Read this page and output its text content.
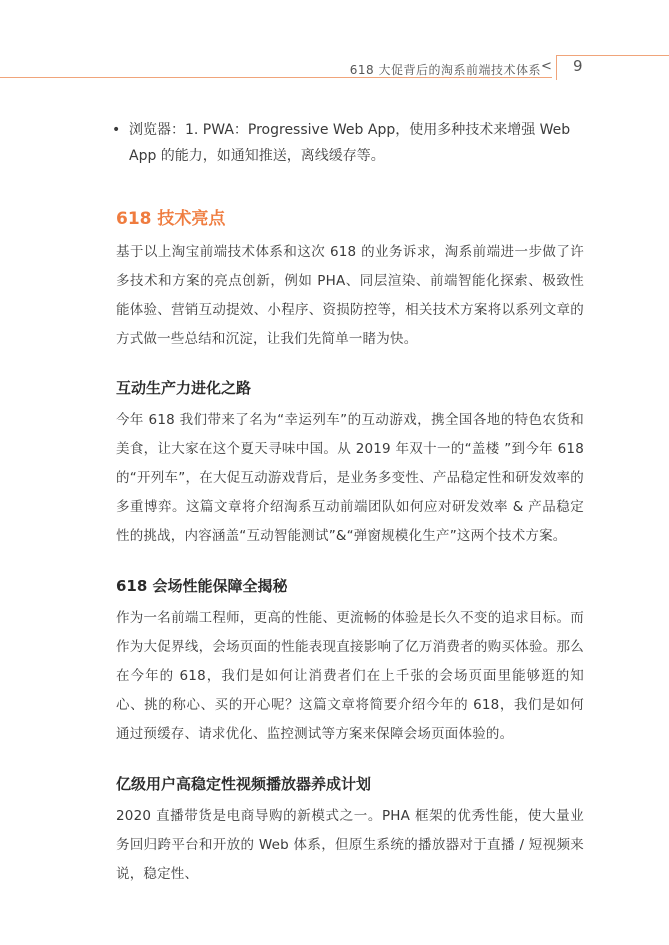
618 大促背后的淘系前端技术体系 < 9
• 浏览器：1. PWA：Progressive Web App，使用多种技术来增强 Web App 的能力，如通知推送，离线缓存等。
618 技术亮点
基于以上淘宝前端技术体系和这次 618 的业务诉求，淘系前端进一步做了许多技术和方案的亮点创新，例如 PHA、同层渲染、前端智能化探索、极致性能体验、营销互动提效、小程序、资损防控等，相关技术方案将以系列文章的方式做一些总结和沉淀，让我们先简单一睹为快。
互动生产力进化之路
今年 618 我们带来了名为“幸运列车”的互动游戏，携全国各地的特色农货和美食，让大家在这个夏天寻味中国。从 2019 年双十一的“盖楼 ”到今年 618 的“开列车”，在大促互动游戏背后，是业务多变性、产品稳定性和研发效率的多重博弈。这篇文章将介绍淘系互动前端团队如何应对研发效率 & 产品稳定性的挑战，内容涵盖“互动智能测试”&“弹窗规模化生产”这两个技术方案。
618 会场性能保障全揭秘
作为一名前端工程师，更高的性能、更流畅的体验是长久不变的追求目标。而作为大促界线，会场页面的性能表现直接影响了亿万消费者的购买体验。那么在今年的 618，我们是如何让消费者们在上千张的会场页面里能够逛的知心、挑的称心、买的开心呢？这篇文章将简要介绍今年的 618，我们是如何通过预缓存、请求优化、监控测试等方案来保障会场页面体验的。
亿级用户高稳定性视频播放器养成计划
2020 直播带货是电商导购的新模式之一。PHA 框架的优秀性能，使大量业务回归跨平台和开放的 Web 体系，但原生系统的播放器对于直播 / 短视频来说，稳定性、
